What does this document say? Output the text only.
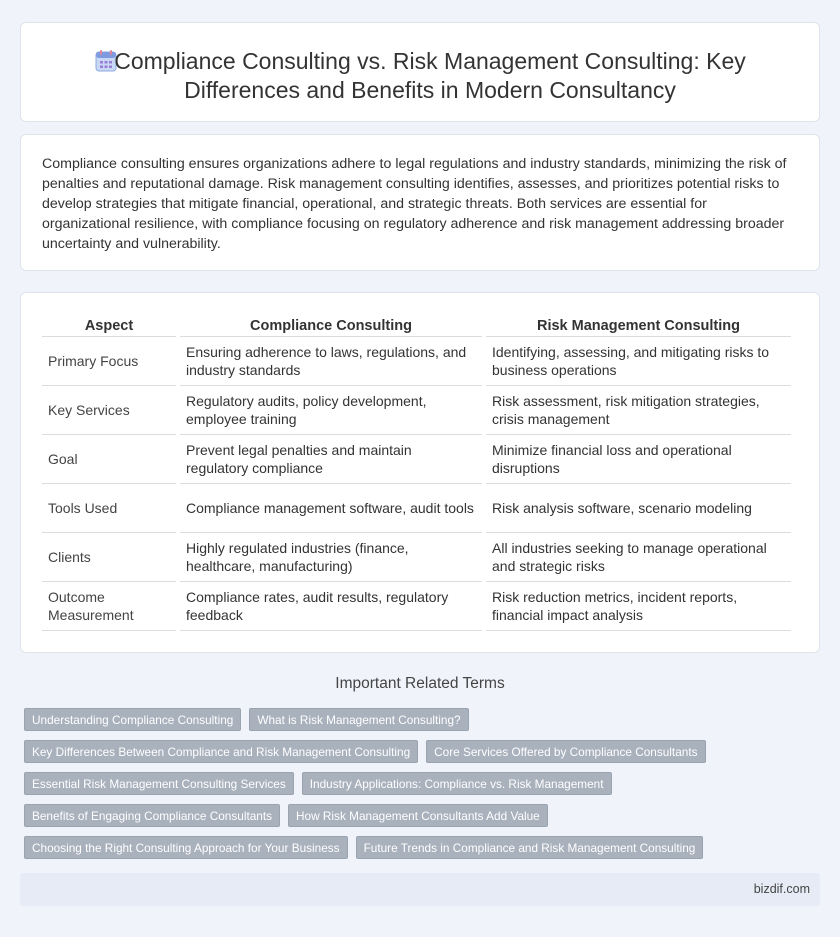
Compliance Consulting vs. Risk Management Consulting: Key Differences and Benefits in Modern Consultancy

Compliance consulting ensures organizations adhere to legal regulations and industry standards, minimizing the risk of penalties and reputational damage. Risk management consulting identifies, assesses, and prioritizes potential risks to develop strategies that mitigate financial, operational, and strategic threats. Both services are essential for organizational resilience, with compliance focusing on regulatory adherence and risk management addressing broader uncertainty and vulnerability.

Aspect	Compliance Consulting	Risk Management Consulting
Primary Focus	Ensuring adherence to laws, regulations, and industry standards	Identifying, assessing, and mitigating risks to business operations
Key Services	Regulatory audits, policy development, employee training	Risk assessment, risk mitigation strategies, crisis management
Goal	Prevent legal penalties and maintain regulatory compliance	Minimize financial loss and operational disruptions
Tools Used	Compliance management software, audit tools	Risk analysis software, scenario modeling
Clients	Highly regulated industries (finance, healthcare, manufacturing)	All industries seeking to manage operational and strategic risks
Outcome Measurement	Compliance rates, audit results, regulatory feedback	Risk reduction metrics, incident reports, financial impact analysis
Important Related Terms
Understanding Compliance Consulting	What is Risk Management Consulting?
Key Differences Between Compliance and Risk Management Consulting	Core Services Offered by Compliance Consultants
Essential Risk Management Consulting Services	Industry Applications: Compliance vs. Risk Management
Benefits of Engaging Compliance Consultants	How Risk Management Consultants Add Value
Choosing the Right Consulting Approach for Your Business	Future Trends in Compliance and Risk Management Consulting
bizdif.com
